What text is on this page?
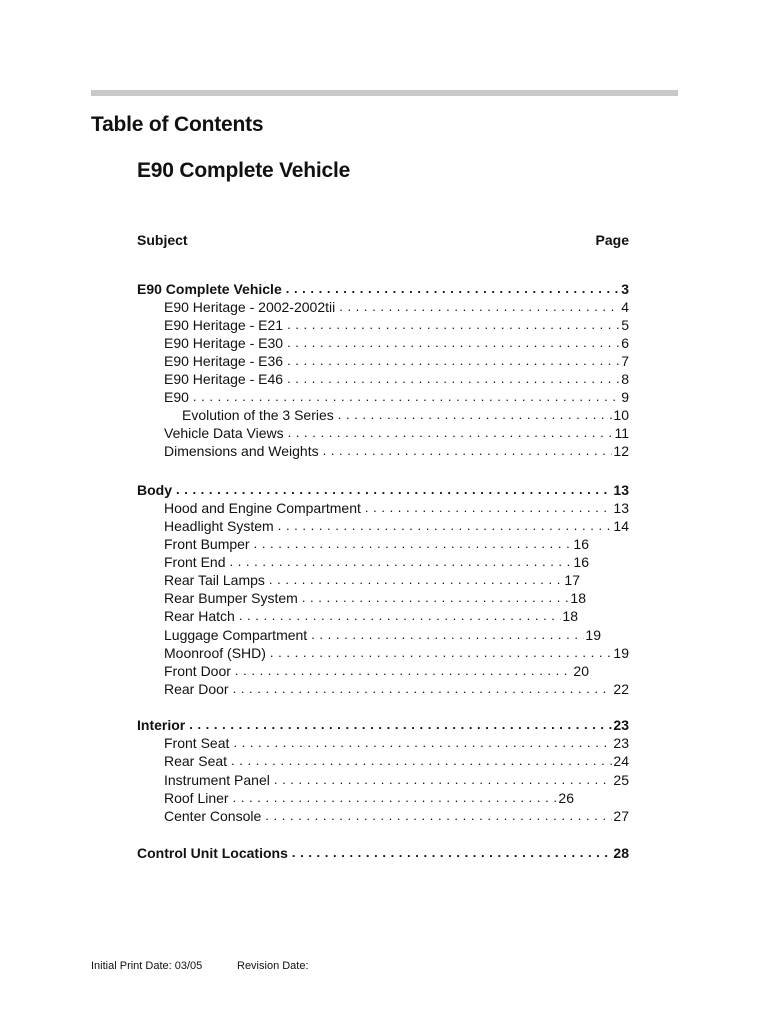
Table of Contents
E90 Complete Vehicle
Subject	Page
E90 Complete Vehicle . . .	3
E90 Heritage - 2002-2002tii . . .	4
E90 Heritage - E21 . . .	5
E90 Heritage - E30 . . .	6
E90 Heritage - E36 . . .	7
E90 Heritage - E46 . . .	8
E90 . . .	9
Evolution of the 3 Series . . .	10
Vehicle Data Views . . .	11
Dimensions and Weights . . .	12
Body . . .	13
Hood and Engine Compartment . . .	13
Headlight System . . .	14
Front Bumper . . .	16
Front End . . .	16
Rear Tail Lamps . . .	17
Rear Bumper System . . .	18
Rear Hatch . . .	18
Luggage Compartment . . .	19
Moonroof (SHD) . . .	19
Front Door . . .	20
Rear Door . . .	22
Interior . . .	23
Front Seat . . .	23
Rear Seat . . .	24
Instrument Panel . . .	25
Roof Liner . . .	26
Center Console . . .	27
Control Unit Locations . . .	28
Initial Print Date: 03/05	Revision Date:
